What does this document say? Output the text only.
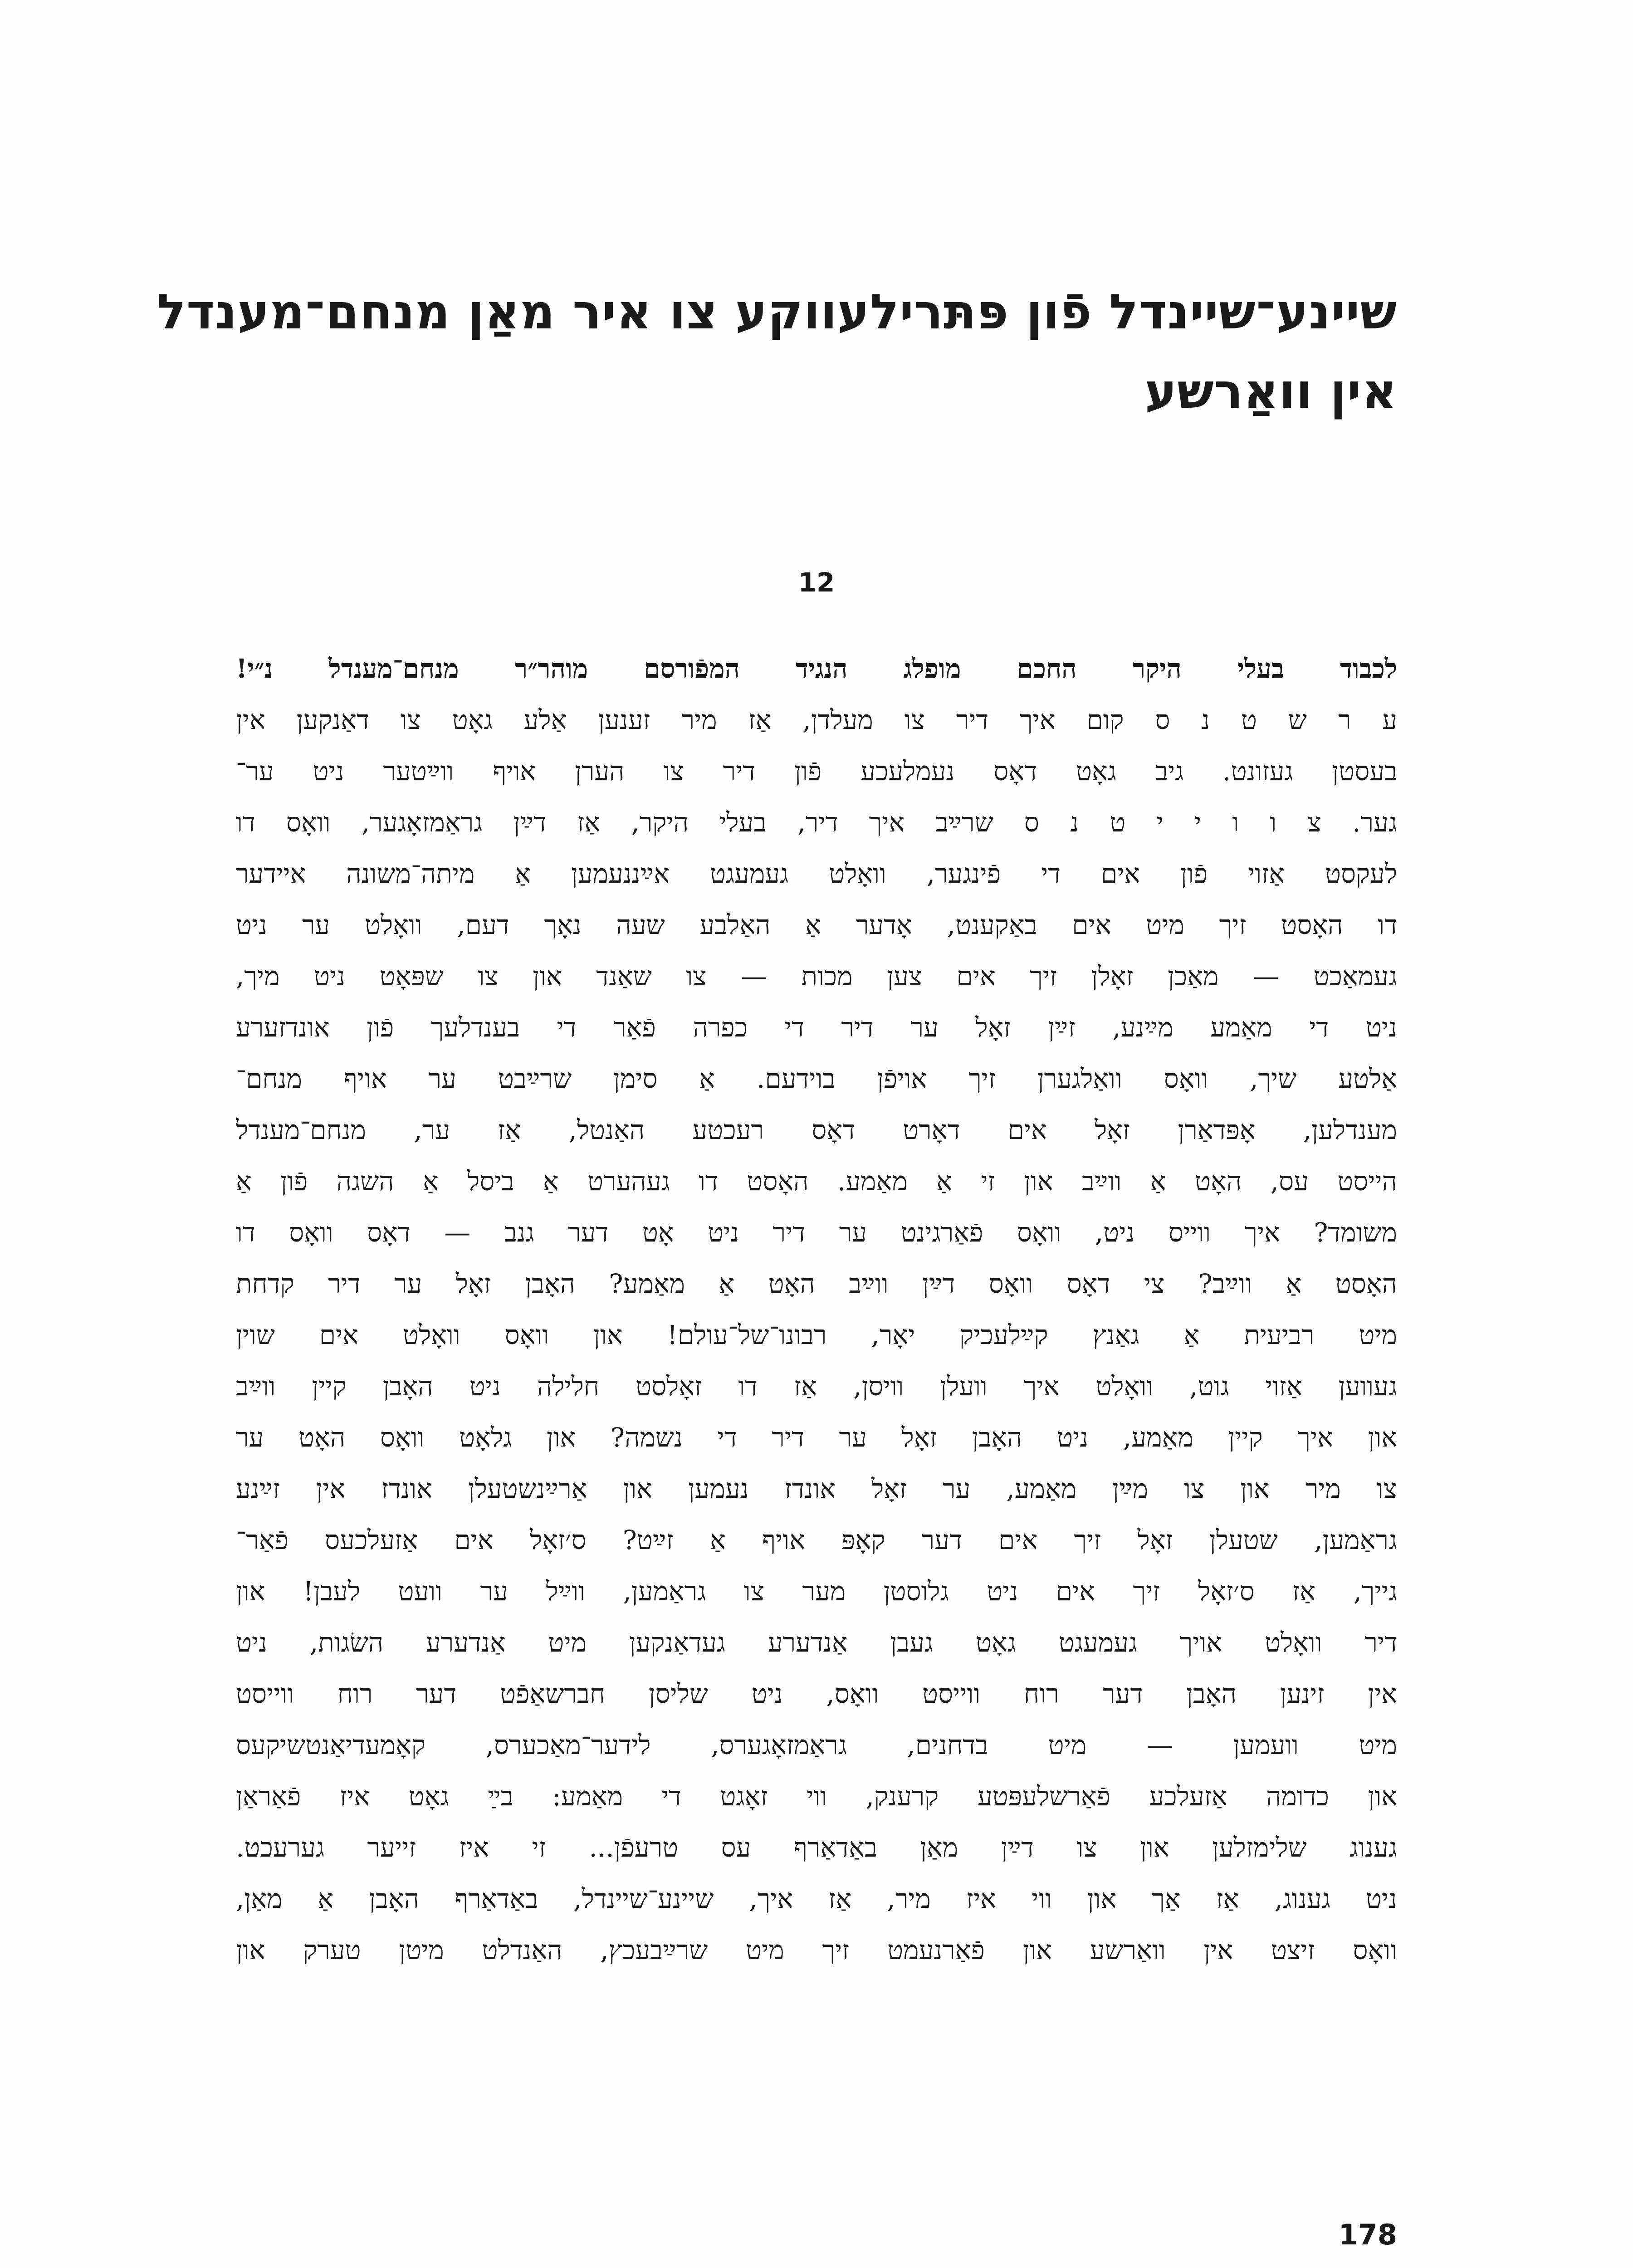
שיינע־שיינדל פֿון פּתּרילעווקע צו איר מאַן מנחם־מענדל
אין וואַרשע
12
לכבוד בעלי היקר החכם מופלג הנגיד המפֿורסם מוהר״ר מנחם־מענדל נ״י!
ע ר ש ט נ ס קום איך דיר צו מעלדן, אַז מיר זענען אַלע גאָט צו דאַנקען אין
בעסטן געזונט. גיב גאָט דאָס נעמלעכע פֿון דיר צו הערן אויף ווײַטער ניט ער־
גער. צ ו ו י י ט נ ס שרײַב איך דיר, בעלי היקר, אַז דײַן גראַמזאָגער, וואָס דו
לעקסט אַזוי פֿון אים די פֿינגער, וואָלט געמעגט אײַננעמען אַ מיתה־משונה איידער
דו האָסט זיך מיט אים באַקענט, אָדער אַ האַלבע שעה נאָך דעם, וואָלט ער ניט
געמאַכט — מאַכן זאָלן זיך אים צען מכות — צו שאַנד און צו שפּאָט ניט מיך,
ניט די מאַמע מײַנע, זײַן זאָל ער דיר די כפרה פֿאַר די בענדלעך פֿון אונדזערע
אַלטע שיך, וואָס וואַלגערן זיך אויפֿן בוידעם. אַ סימן שרײַבט ער אויף מנחם־
מענדלען, אָפּדאַרן זאָל אים דאָרט דאָס רעכטע האַנטל, אַז ער, מנחם־מענדל
הייסט עס, האָט אַ ווײַב און זי אַ מאַמע. האָסט דו געהערט אַ ביסל אַ השגה פֿון אַ
משומד? איך ווייס ניט, וואָס פֿאַרגינט ער דיר ניט אָט דער גנב — דאָס וואָס דו
האָסט אַ ווײַב? צי דאָס וואָס דײַן ווײַב האָט אַ מאַמע? האָבן זאָל ער דיר קדחת
מיט רביעית אַ גאַנץ קײַלעכיק יאָר, רבונו־של־עולם! און וואָס וואָלט אים שוין
געווען אַזוי גוט, וואָלט איך וועלן וויסן, אַז דו זאָלסט חלילה ניט האָבן קיין ווײַב
און איך קיין מאַמע, ניט האָבן זאָל ער דיר די נשמה? און גלאָט וואָס האָט ער
צו מיר און צו מײַן מאַמע, ער זאָל אונדז נעמען און אַרײַנשטעלן אונדז אין זײַנע
גראַמען, שטעלן זאָל זיך אים דער קאָפּ אויף אַ זײַט? ס׳זאָל אים אַזעלכעס פֿאַר־
גייך, אַז ס׳זאָל זיך אים ניט גלוסטן מער צו גראַמען, ווײַל ער וועט לעבן! און
דיר וואָלט אויך געמעגט גאָט געבן אַנדערע געדאַנקען מיט אַנדערע השׂגות, ניט
אין זינען האָבן דער רוח ווייסט וואָס, ניט שליסן חברשאַפֿט דער רוח ווייסט
מיט וועמען — מיט בדחנים, גראַמזאָגערס, לידער־מאַכערס, קאָמעדיאַנטשיקעס
און כדומה אַזעלכע פֿאַרשלעפּטע קרענק, ווי זאָגט די מאַמע: בײַ גאָט איז פֿאַראַן
גענוג שלימזלען און צו דײַן מאַן באַדאַרף עס טרעפֿן... זי איז זייער גערעכט.
ניט גענוג, אַז אַך און ווי איז מיר, אַז איך, שיינע־שיינדל, באַדאַרף האָבן אַ מאַן,
וואָס זיצט אין וואַרשע און פֿאַרנעמט זיך מיט שרײַבעכץ, האַנדלט מיטן טערק און
178
